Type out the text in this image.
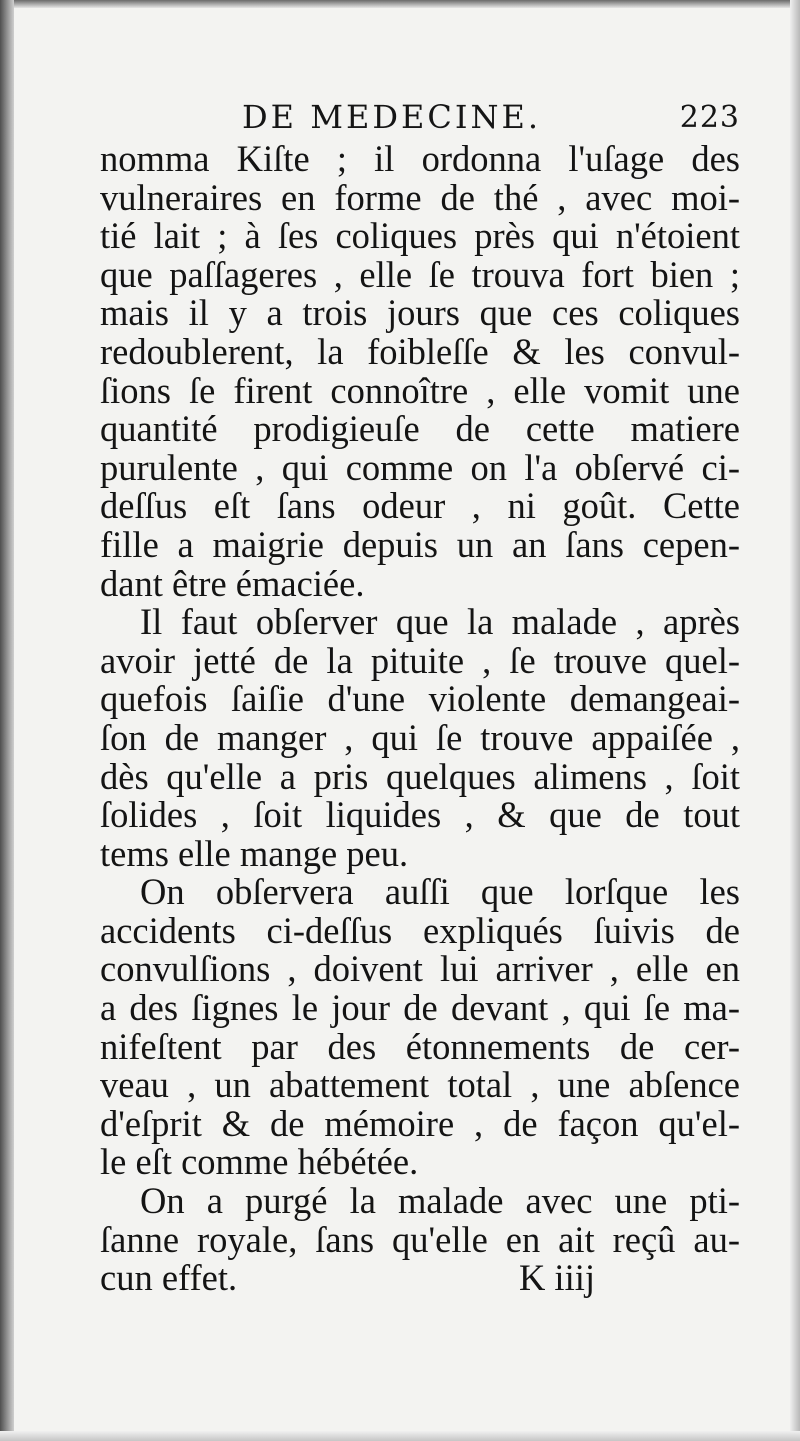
DE MEDECINE.	223
nomma Kiſte ; il ordonna l'uſage des
vulneraires en forme de thé , avec moi-
tié lait ; à ſes coliques près qui n'étoient
que paſſageres , elle ſe trouva fort bien ;
mais il y a trois jours que ces coliques
redoublerent, la foibleſſe & les convul-
ſions ſe firent connoître , elle vomit une
quantité prodigieuſe de cette matiere
purulente , qui comme on l'a obſervé ci-
deſſus eſt ſans odeur , ni goût. Cette
fille a maigrie depuis un an ſans cepen-
dant être émaciée.
Il faut obſerver que la malade , après
avoir jetté de la pituite , ſe trouve quel-
quefois ſaiſie d'une violente demangeai-
ſon de manger , qui ſe trouve appaiſée ,
dès qu'elle a pris quelques alimens , ſoit
ſolides , ſoit liquides , & que de tout
tems elle mange peu.
On obſervera auſſi que lorſque les
accidents ci-deſſus expliqués ſuivis de
convulſions , doivent lui arriver , elle en
a des ſignes le jour de devant , qui ſe ma-
nifeſtent par des étonnements de cer-
veau , un abattement total , une abſence
d'eſprit & de mémoire , de façon qu'el-
le eſt comme hébétée.
On a purgé la malade avec une pti-
ſanne royale, ſans qu'elle en ait reçû au-
cun effet.	K iiij
